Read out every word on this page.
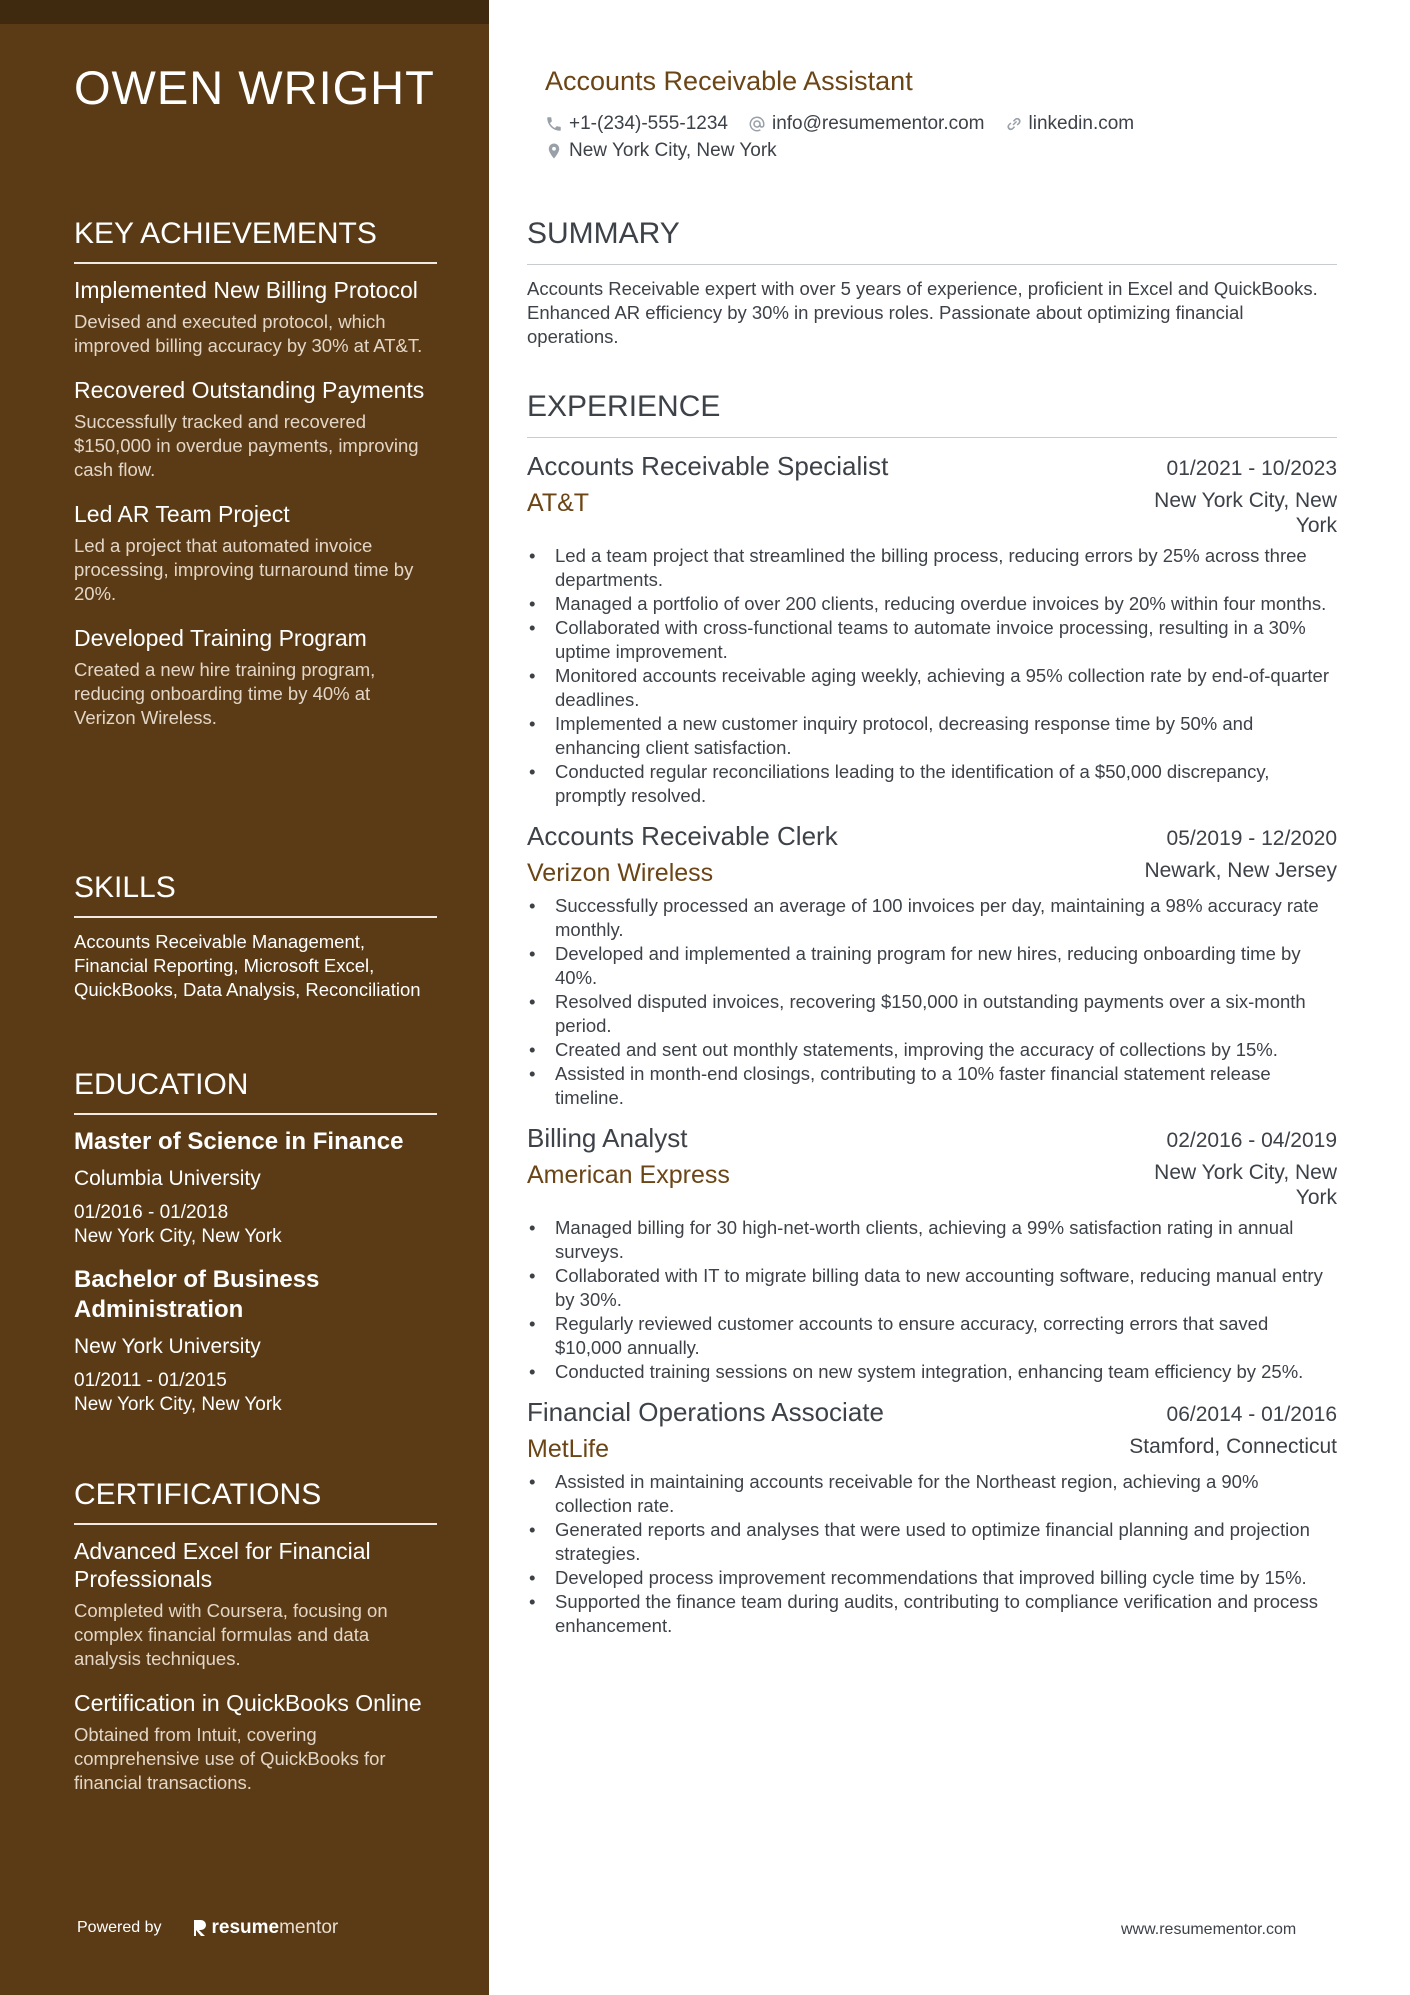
OWEN WRIGHT
KEY ACHIEVEMENTS
Implemented New Billing Protocol
Devised and executed protocol, which improved billing accuracy by 30% at AT&T.
Recovered Outstanding Payments
Successfully tracked and recovered $150,000 in overdue payments, improving cash flow.
Led AR Team Project
Led a project that automated invoice processing, improving turnaround time by 20%.
Developed Training Program
Created a new hire training program, reducing onboarding time by 40% at Verizon Wireless.
SKILLS
Accounts Receivable Management, Financial Reporting, Microsoft Excel, QuickBooks, Data Analysis, Reconciliation
EDUCATION
Master of Science in Finance
Columbia University
01/2016 - 01/2018
New York City, New York
Bachelor of Business Administration
New York University
01/2011 - 01/2015
New York City, New York
CERTIFICATIONS
Advanced Excel for Financial Professionals
Completed with Coursera, focusing on complex financial formulas and data analysis techniques.
Certification in QuickBooks Online
Obtained from Intuit, covering comprehensive use of QuickBooks for financial transactions.
Powered by	resume mentor
Accounts Receivable Assistant
+1-(234)-555-1234 info@resumementor.com linkedin.com
New York City, New York
SUMMARY
Accounts Receivable expert with over 5 years of experience, proficient in Excel and QuickBooks. Enhanced AR efficiency by 30% in previous roles. Passionate about optimizing financial operations.
EXPERIENCE
Accounts Receivable Specialist	01/2021 - 10/2023
AT&T	New York City, New York
• Led a team project that streamlined the billing process, reducing errors by 25% across three departments.
• Managed a portfolio of over 200 clients, reducing overdue invoices by 20% within four months.
• Collaborated with cross-functional teams to automate invoice processing, resulting in a 30% uptime improvement.
• Monitored accounts receivable aging weekly, achieving a 95% collection rate by end-of-quarter deadlines.
• Implemented a new customer inquiry protocol, decreasing response time by 50% and enhancing client satisfaction.
• Conducted regular reconciliations leading to the identification of a $50,000 discrepancy, promptly resolved.
Accounts Receivable Clerk	05/2019 - 12/2020
Verizon Wireless	Newark, New Jersey
• Successfully processed an average of 100 invoices per day, maintaining a 98% accuracy rate monthly.
• Developed and implemented a training program for new hires, reducing onboarding time by 40%.
• Resolved disputed invoices, recovering $150,000 in outstanding payments over a six-month period.
• Created and sent out monthly statements, improving the accuracy of collections by 15%.
• Assisted in month-end closings, contributing to a 10% faster financial statement release timeline.
Billing Analyst	02/2016 - 04/2019
American Express	New York City, New York
• Managed billing for 30 high-net-worth clients, achieving a 99% satisfaction rating in annual surveys.
• Collaborated with IT to migrate billing data to new accounting software, reducing manual entry by 30%.
• Regularly reviewed customer accounts to ensure accuracy, correcting errors that saved $10,000 annually.
• Conducted training sessions on new system integration, enhancing team efficiency by 25%.
Financial Operations Associate	06/2014 - 01/2016
MetLife	Stamford, Connecticut
• Assisted in maintaining accounts receivable for the Northeast region, achieving a 90% collection rate.
• Generated reports and analyses that were used to optimize financial planning and projection strategies.
• Developed process improvement recommendations that improved billing cycle time by 15%.
• Supported the finance team during audits, contributing to compliance verification and process enhancement.
www.resumementor.com
